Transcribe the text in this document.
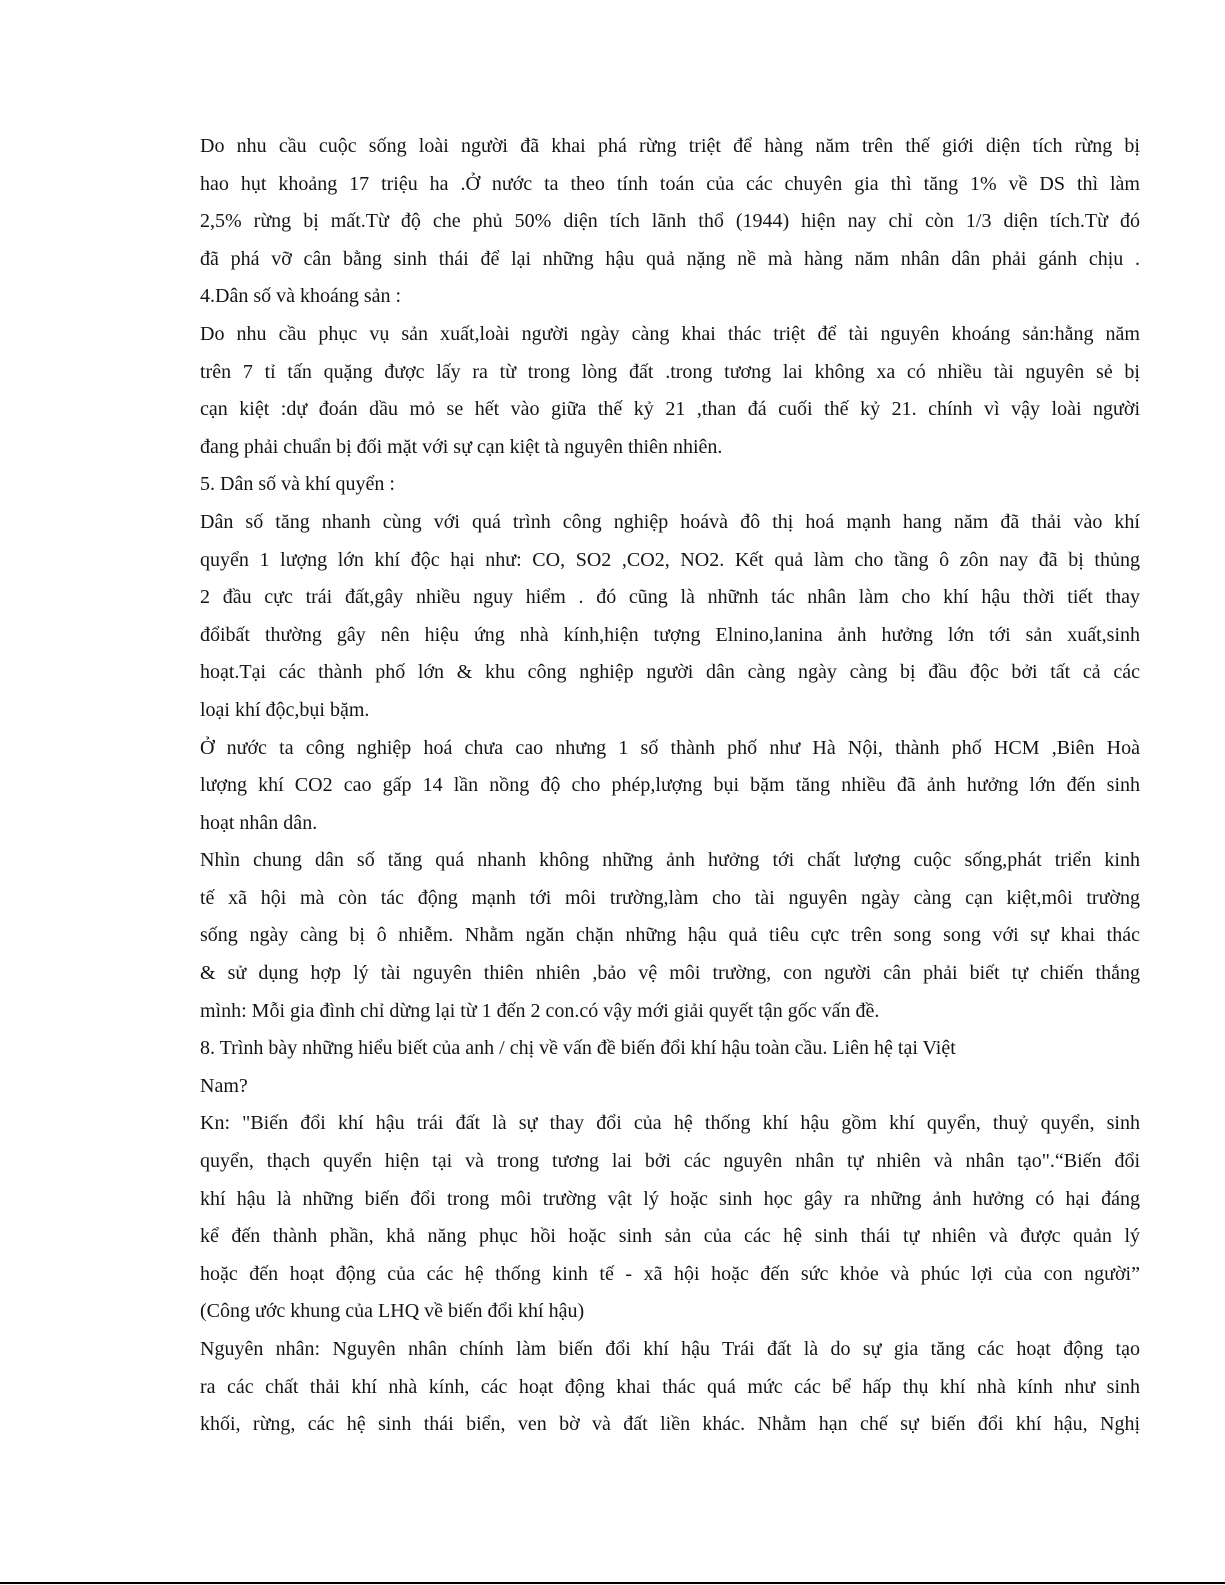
Do nhu cầu cuộc sống loài người đã khai phá rừng triệt để hàng năm trên thế giới diện tích rừng bị
hao hụt khoảng 17 triệu ha .Ở nước ta theo tính toán của các chuyên gia thì tăng 1% về DS thì làm
2,5% rừng bị mất.Từ độ che phủ 50% diện tích lãnh thổ (1944) hiện nay chỉ còn 1/3 diện tích.Từ đó
đã phá vỡ cân bằng sinh thái để lại những hậu quả nặng nề mà hàng năm nhân dân phải gánh chịu .
4.Dân số và khoáng sản :
Do nhu cầu phục vụ sản xuất,loài người ngày càng khai thác triệt để tài nguyên khoáng sản:hằng năm
trên 7 tỉ tấn quặng được lấy ra từ trong lòng đất .trong tương lai không xa có nhiều tài nguyên sẻ bị
cạn kiệt :dự đoán dầu mỏ se hết vào giữa thế kỷ 21 ,than đá cuối thế kỷ 21. chính vì vậy loài người
đang phải chuẩn bị đối mặt với sự cạn kiệt tà nguyên thiên nhiên.
5. Dân số và khí quyển :
Dân số tăng nhanh cùng với quá trình công nghiệp hoávà đô thị hoá mạnh hang năm đã thải vào khí
quyển 1 lượng lớn khí độc hại như: CO, SO2 ,CO2, NO2. Kết quả làm cho tầng ô zôn nay đã bị thủng
2 đầu cực trái đất,gây nhiều nguy hiểm . đó cũng là nhữnh tác nhân làm cho khí hậu thời tiết thay
đổibất thường gây nên hiệu ứng nhà kính,hiện tượng Elnino,lanina ảnh hưởng lớn tới sản xuất,sinh
hoạt.Tại các thành phố lớn & khu công nghiệp người dân càng ngày càng bị đầu độc bởi tất cả các
loại khí độc,bụi bặm.
Ở nước ta công nghiệp hoá chưa cao nhưng 1 số thành phố như Hà Nội, thành phố HCM ,Biên Hoà
lượng khí CO2 cao gấp 14 lần nồng độ cho phép,lượng bụi bặm tăng nhiều đã ảnh hưởng lớn đến sinh
hoạt nhân dân.
Nhìn chung dân số tăng quá nhanh không những ảnh hưởng tới chất lượng cuộc sống,phát triển kinh
tế xã hội mà còn tác động mạnh tới môi trường,làm cho tài nguyên ngày càng cạn kiệt,môi trường
sống ngày càng bị ô nhiễm. Nhằm ngăn chặn những hậu quả tiêu cực trên song song với sự khai thác
& sử dụng hợp lý tài nguyên thiên nhiên ,bảo vệ môi trường, con người cân phải biết tự chiến thắng
mình: Mỗi gia đình chỉ dừng lại từ 1 đến 2 con.có vậy mới giải quyết tận gốc vấn đề.
8. Trình bày những hiểu biết của anh / chị về vấn đề biến đổi khí hậu toàn cầu. Liên hệ tại Việt
Nam?
Kn: "Biến đổi khí hậu trái đất là sự thay đổi của hệ thống khí hậu gồm khí quyển, thuỷ quyển, sinh
quyển, thạch quyển hiện tại và trong tương lai bởi các nguyên nhân tự nhiên và nhân tạo".“Biến đổi
khí hậu là những biến đổi trong môi trường vật lý hoặc sinh học gây ra những ảnh hưởng có hại đáng
kể đến thành phần, khả năng phục hồi hoặc sinh sản của các hệ sinh thái tự nhiên và được quản lý
hoặc đến hoạt động của các hệ thống kinh tế - xã hội hoặc đến sức khỏe và phúc lợi của con người”
(Công ước khung của LHQ về biến đổi khí hậu)
Nguyên nhân: Nguyên nhân chính làm biến đổi khí hậu Trái đất là do sự gia tăng các hoạt động tạo
ra các chất thải khí nhà kính, các hoạt động khai thác quá mức các bể hấp thụ khí nhà kính như sinh
khối, rừng, các hệ sinh thái biển, ven bờ và đất liền khác. Nhằm hạn chế sự biến đổi khí hậu, Nghị
